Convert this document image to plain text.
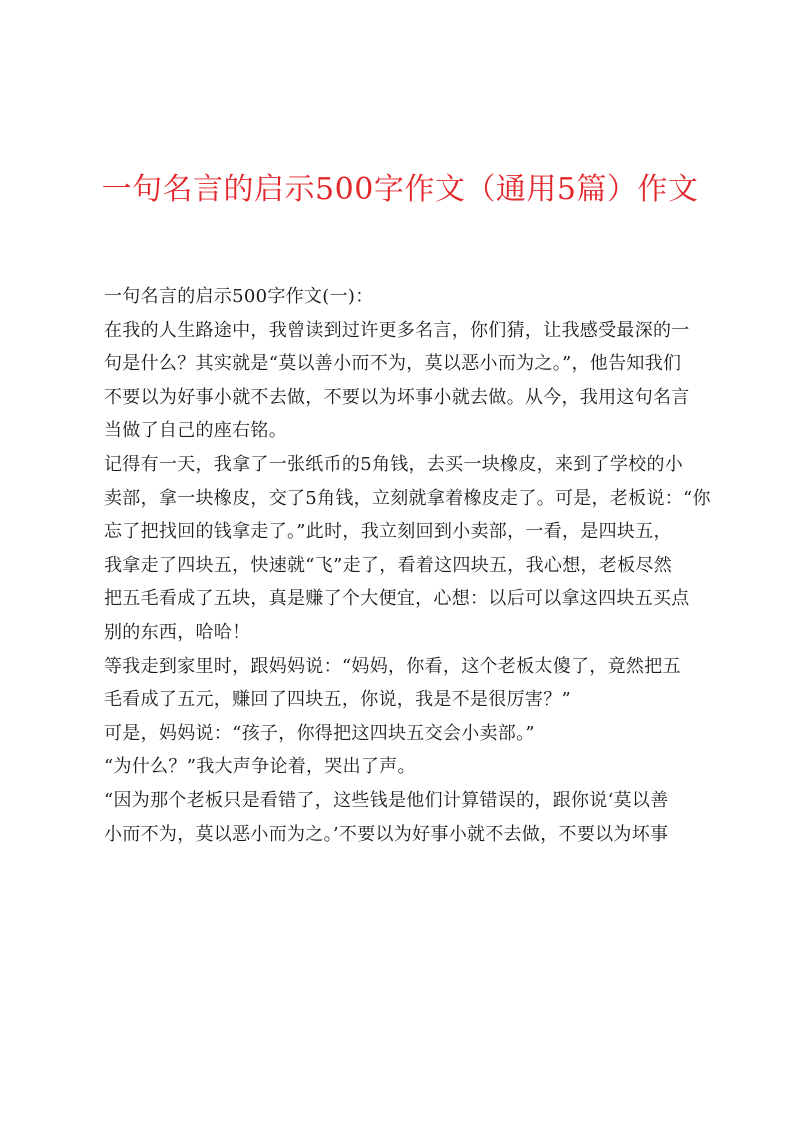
一句名言的启示500字作文（通用5篇）作文

一句名言的启示500字作文(一)：

在我的人生路途中，我曾读到过许更多名言，你们猜，让我感受最深的一
句是什么？其实就是“莫以善小而不为，莫以恶小而为之。”，他告知我们
不要以为好事小就不去做，不要以为坏事小就去做。从今，我用这句名言
当做了自己的座右铭。

记得有一天，我拿了一张纸币的5角钱，去买一块橡皮，来到了学校的小
卖部，拿一块橡皮，交了5角钱，立刻就拿着橡皮走了。可是，老板说：“你
忘了把找回的钱拿走了。”此时，我立刻回到小卖部，一看，是四块五，
我拿走了四块五，快速就“飞”走了，看着这四块五，我心想，老板尽然
把五毛看成了五块，真是赚了个大便宜，心想：以后可以拿这四块五买点
别的东西，哈哈！

等我走到家里时，跟妈妈说：“妈妈，你看，这个老板太傻了，竟然把五
毛看成了五元，赚回了四块五，你说，我是不是很厉害？”

可是，妈妈说：“孩子，你得把这四块五交会小卖部。”

“为什么？”我大声争论着，哭出了声。

“因为那个老板只是看错了，这些钱是他们计算错误的，跟你说‘莫以善
小而不为，莫以恶小而为之。’不要以为好事小就不去做，不要以为坏事
